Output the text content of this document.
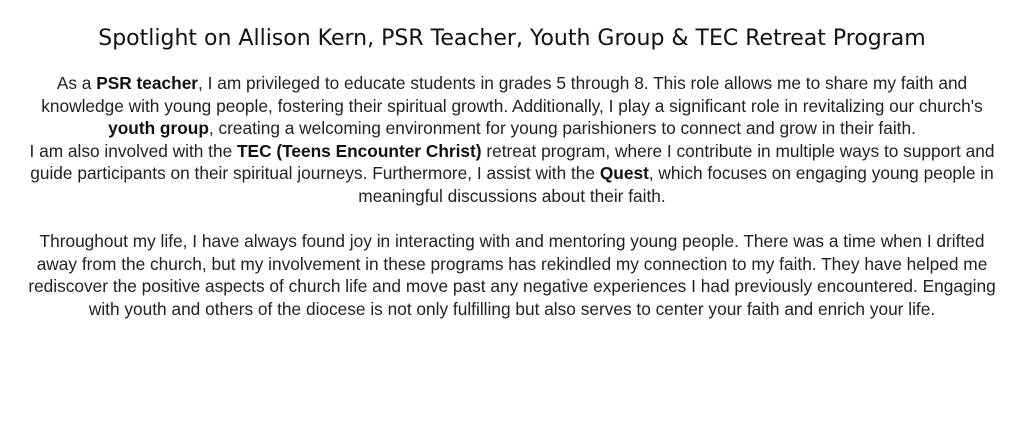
Spotlight on Allison Kern, PSR Teacher, Youth Group & TEC Retreat Program

As a PSR teacher, I am privileged to educate students in grades 5 through 8. This role allows me to share my faith and knowledge with young people, fostering their spiritual growth. Additionally, I play a significant role in revitalizing our church's youth group, creating a welcoming environment for young parishioners to connect and grow in their faith.

I am also involved with the TEC (Teens Encounter Christ) retreat program, where I contribute in multiple ways to support and guide participants on their spiritual journeys. Furthermore, I assist with the Quest, which focuses on engaging young people in meaningful discussions about their faith.

Throughout my life, I have always found joy in interacting with and mentoring young people. There was a time when I drifted away from the church, but my involvement in these programs has rekindled my connection to my faith. They have helped me rediscover the positive aspects of church life and move past any negative experiences I had previously encountered. Engaging with youth and others of the diocese is not only fulfilling but also serves to center your faith and enrich your life.
